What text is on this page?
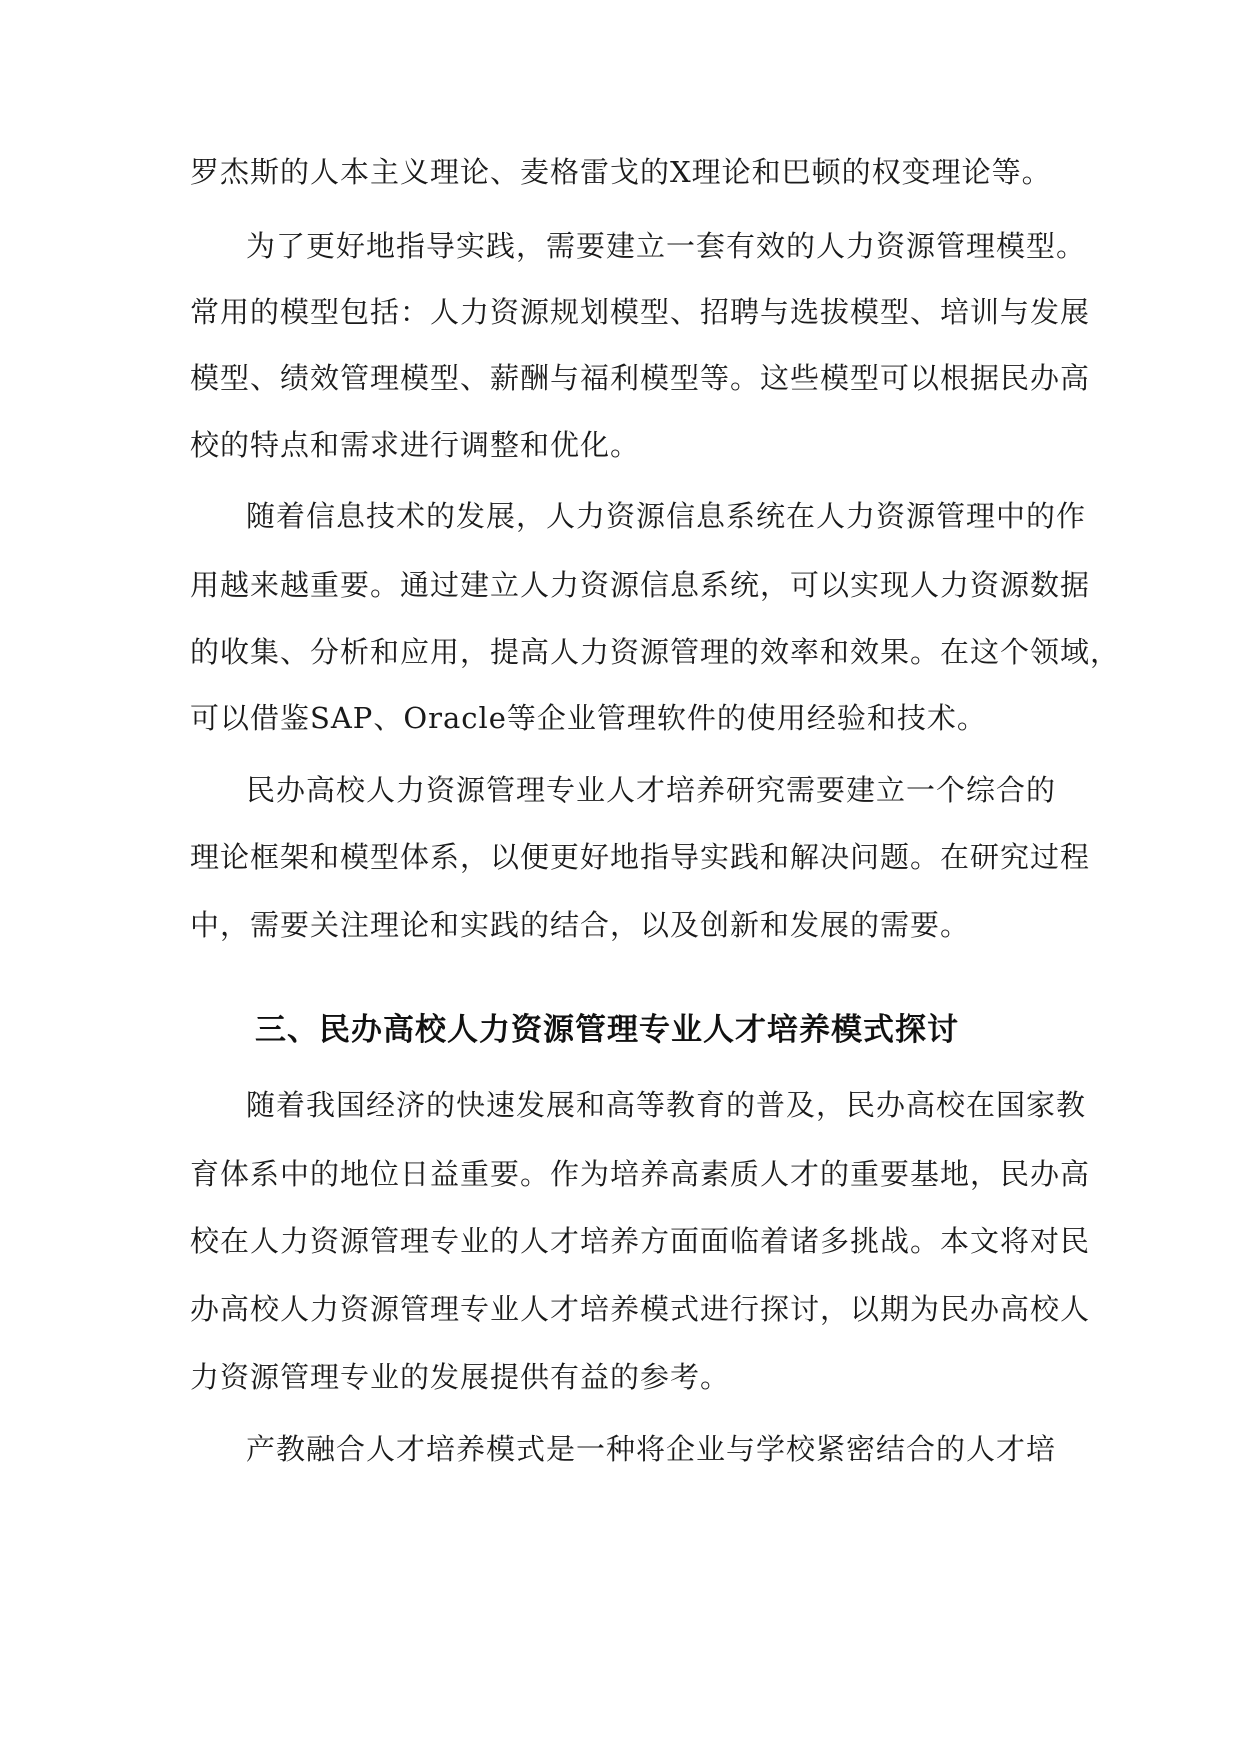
罗杰斯的人本主义理论、麦格雷戈的X理论和巴顿的权变理论等。
为了更好地指导实践，需要建立一套有效的人力资源管理模型。
常用的模型包括：人力资源规划模型、招聘与选拔模型、培训与发展
模型、绩效管理模型、薪酬与福利模型等。这些模型可以根据民办高
校的特点和需求进行调整和优化。
随着信息技术的发展，人力资源信息系统在人力资源管理中的作
用越来越重要。通过建立人力资源信息系统，可以实现人力资源数据
的收集、分析和应用，提高人力资源管理的效率和效果。在这个领域，
可以借鉴SAP、Oracle等企业管理软件的使用经验和技术。
民办高校人力资源管理专业人才培养研究需要建立一个综合的
理论框架和模型体系，以便更好地指导实践和解决问题。在研究过程
中，需要关注理论和实践的结合，以及创新和发展的需要。
三、民办高校人力资源管理专业人才培养模式探讨
随着我国经济的快速发展和高等教育的普及，民办高校在国家教
育体系中的地位日益重要。作为培养高素质人才的重要基地，民办高
校在人力资源管理专业的人才培养方面面临着诸多挑战。本文将对民
办高校人力资源管理专业人才培养模式进行探讨，以期为民办高校人
力资源管理专业的发展提供有益的参考。
产教融合人才培养模式是一种将企业与学校紧密结合的人才培
